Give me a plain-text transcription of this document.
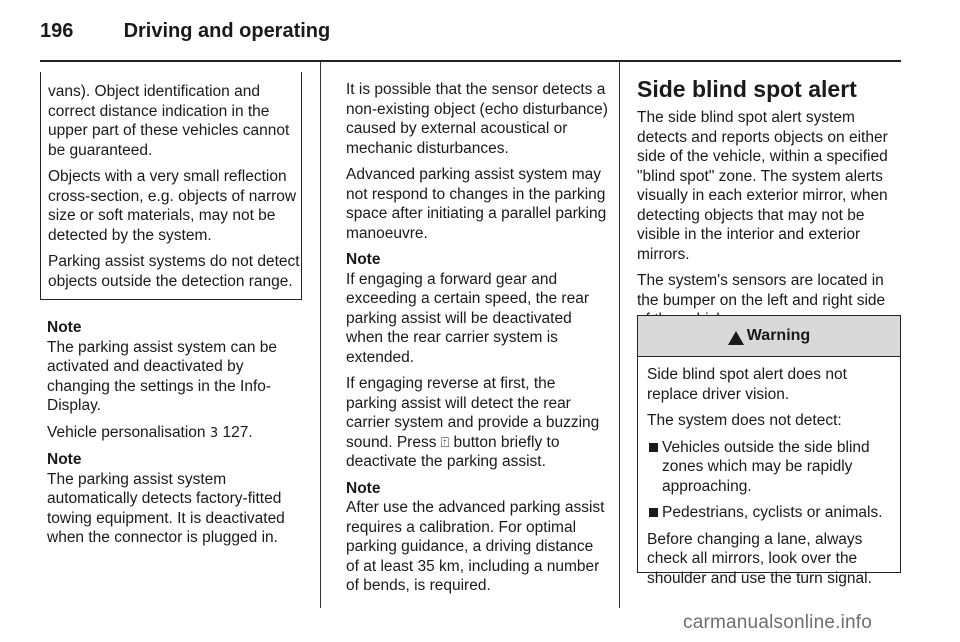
196	Driving and operating

vans). Object identification and correct distance indication in the upper part of these vehicles cannot be guaranteed.

Objects with a very small reflection cross-section, e.g. objects of narrow size or soft materials, may not be detected by the system.

Parking assist systems do not detect objects outside the detection range.

Note

The parking assist system can be activated and deactivated by changing the settings in the Info-Display.

Vehicle personalisation 3 127.

Note

The parking assist system automatically detects factory-fitted towing equipment. It is deactivated when the connector is plugged in.

It is possible that the sensor detects a non-existing object (echo disturbance) caused by external acoustical or mechanic disturbances.

Advanced parking assist system may not respond to changes in the parking space after initiating a parallel parking manoeuvre.

Note

If engaging a forward gear and exceeding a certain speed, the rear parking assist will be deactivated when the rear carrier system is extended.

If engaging reverse at first, the parking assist will detect the rear carrier system and provide a buzzing sound. Press ⍐ button briefly to deactivate the parking assist.

Note

After use the advanced parking assist requires a calibration. For optimal parking guidance, a driving distance of at least 35 km, including a number of bends, is required.

Side blind spot alert

The side blind spot alert system detects and reports objects on either side of the vehicle, within a specified "blind spot" zone. The system alerts visually in each exterior mirror, when detecting objects that may not be visible in the interior and exterior mirrors.

The system's sensors are located in the bumper on the left and right side

Warning

Side blind spot alert does not replace driver vision.

The system does not detect:

Vehicles outside the side blind zones which may be rapidly approaching.
Pedestrians, cyclists or animals.

Before changing a lane, always check all mirrors, look over the shoulder and use the turn signal.

carmanualsonline.info
